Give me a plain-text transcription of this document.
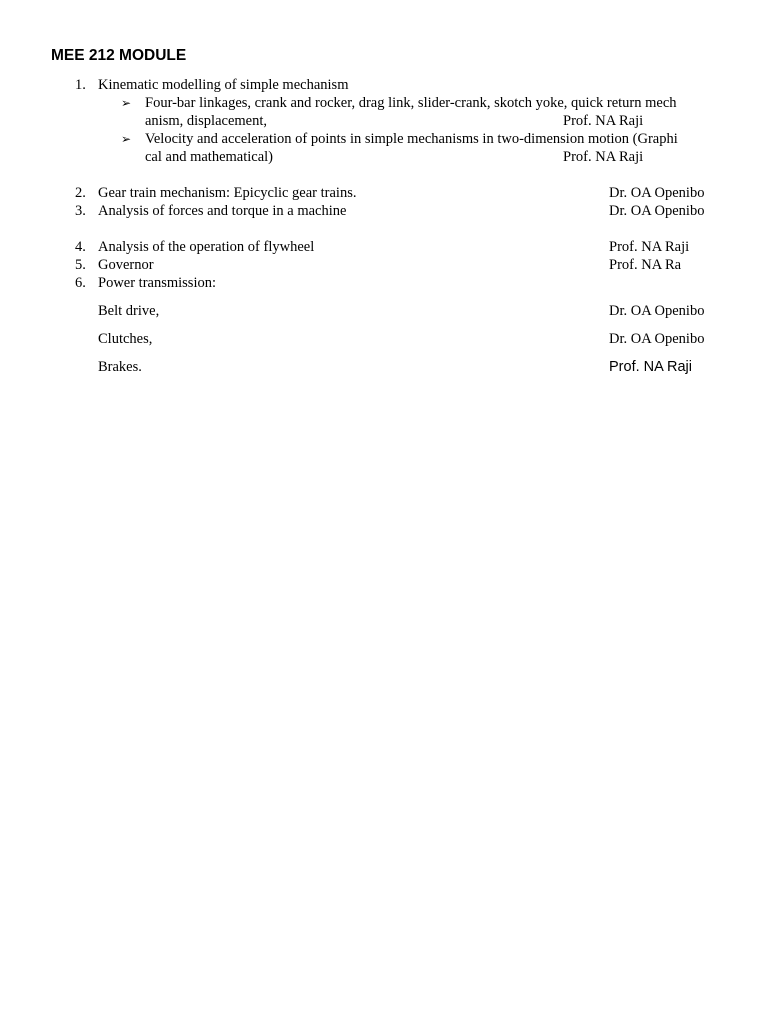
MEE 212 MODULE
1. Kinematic modelling of simple mechanism
➢ Four-bar linkages, crank and rocker, drag link, slider-crank, skotch yoke, quick return mech
anism, displacement,	Prof. NA Raji
➢ Velocity and acceleration of points in simple mechanisms in two-dimension motion (Graphi
cal and mathematical)	Prof. NA Raji
2. Gear train mechanism: Epicyclic gear trains.	Dr. OA Openibo
3. Analysis of forces and torque in a machine	Dr. OA Openibo
4. Analysis of the operation of flywheel	Prof. NA Raji
5. Governor	Prof. NA Ra
6. Power transmission:
Belt drive,	Dr. OA Openibo
Clutches,	Dr. OA Openibo
Brakes.	Prof. NA Raji
